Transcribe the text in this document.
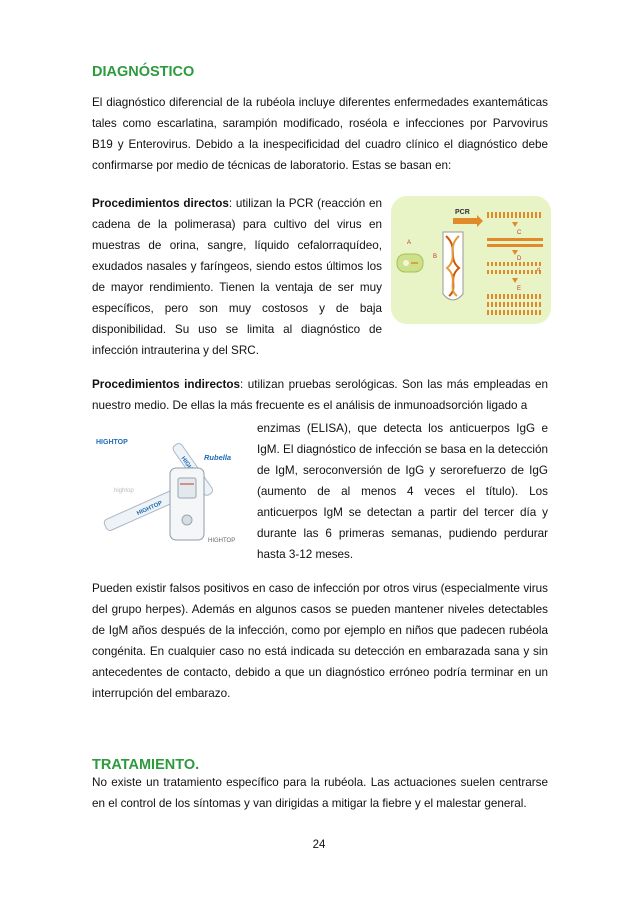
DIAGNÓSTICO

El diagnóstico diferencial de la rubéola incluye diferentes enfermedades exantemáticas tales como escarlatina, sarampión modificado, roséola e infecciones por Parvovirus B19 y Enterovirus. Debido a la inespecificidad del cuadro clínico el diagnóstico debe confirmarse por medio de técnicas de laboratorio. Estas se basan en:

Procedimientos directos: utilizan la PCR (reacción en cadena de la polimerasa) para cultivo del virus en muestras de orina, sangre, líquido cefalorraquídeo, exudados nasales y faríngeos, siendo estos últimos los de mayor rendimiento. Tienen la ventaja de ser muy específicos, pero son muy costosos y de baja disponibilidad. Su uso se limita al diagnóstico de infección intrauterina y del SRC.

PCR
A
B
C
D
d
E
Procedimientos indirectos: utilizan pruebas serológicas. Son las más empleadas en nuestro medio. De ellas la más frecuente es el análisis de inmunoadsorción ligado a
HIGHTOP
Rubella
hightop
HIGHTOP
HIGHTOP

enzimas (ELISA), que detecta los anticuerpos IgG e IgM. El diagnóstico de infección se basa en la detección de IgM, seroconversión de IgG y serorefuerzo de IgG (aumento de al menos 4 veces el título). Los anticuerpos IgM se detectan a partir del tercer día y durante las 6 primeras semanas, pudiendo perdurar hasta 3-12 meses.

Pueden existir falsos positivos en caso de infección por otros virus (especialmente virus del grupo herpes). Además en algunos casos se pueden mantener niveles detectables de IgM años después de la infección, como por ejemplo en niños que padecen rubéola congénita. En cualquier caso no está indicada su detección en embarazada sana y sin antecedentes de contacto, debido a que un diagnóstico erróneo podría terminar en un interrupción del embarazo.

TRATAMIENTO.

No existe un tratamiento específico para la rubéola. Las actuaciones suelen centrarse en el control de los síntomas y van dirigidas a mitigar la fiebre y el malestar general.

24
